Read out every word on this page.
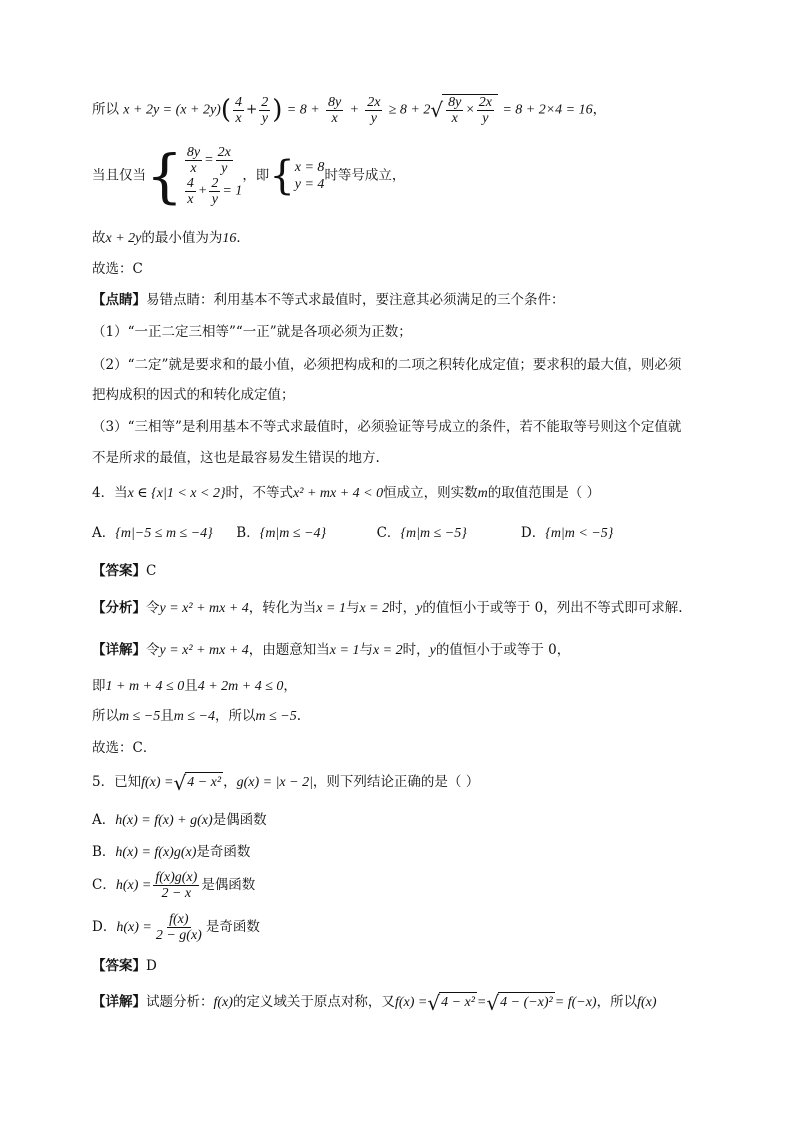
所以 $x + 2y = (x + 2y)( \frac{4}{x} + \frac{2}{y}$ ) = $8 + \frac{8y}{x} + \frac{2x}{y} \ge 8 + 2√ \frac{8y}{x} \times \frac{2x}{y} = 8 + 2\times 4 = 16$，
当且仅当 { $\frac{8y}{x} = \frac{2x}{y}$
$\frac{4}{x} + \frac{2}{y} = 1$
，即 { x = 8
y = 4
时等号成立，
故x + 2y的最小值为为16．
故选：C
【点睛】易错点睛：利用基本不等式求最值时，要注意其必须满足的三个条件：
（1）“一正二定三相等”“一正”就是各项必须为正数；
（2）“二定”就是要求和的最小值，必须把构成和的二项之积转化成定值；要求积的最大值，则必须
把构成积的因式的和转化成定值；
（3）“三相等”是利用基本不等式求最值时，必须验证等号成立的条件，若不能取等号则这个定值就
不是所求的最值，这也是最容易发生错误的地方.
4．当x ∈ {x|1 < x < 2}时，不等式x² + mx + 4 < 0恒成立，则实数m的取值范围是（ ）
A．{m|−5 ≤ m ≤ −4} B．{m|m ≤ −4}	C．{m|m ≤ −5}	D．{m|m < −5}
【答案】C
【分析】令y = x² + mx + 4，转化为当x = 1与x = 2时，y的值恒小于或等于 0，列出不等式即可求解.
【详解】令y = x² + mx + 4，由题意知当x = 1与x = 2时，y的值恒小于或等于 0，
即1 + m + 4 ≤ 0且4 + 2m + 4 ≤ 0，
所以m ≤ −5且m ≤ −4，所以m ≤ −5.
故选：C．
5．已知f(x) =√4 − x² ，g(x) = |x − 2|，则下列结论正确的是（ ）
A．h(x) = f(x) + g(x)是偶函数
B．h(x) = f(x)g(x)是奇函数
C．$h(x) = \frac{f(x)g(x)}{2 - x}$ 是偶函数
D．$h(x) = \frac{f(x)}{2 - g(x)}$ 是奇函数
【答案】D
【详解】试题分析：f(x)的定义域关于原点对称，又f(x) =√4 − x² =√4 − (−x)² = f(−x)，所以f(x)
